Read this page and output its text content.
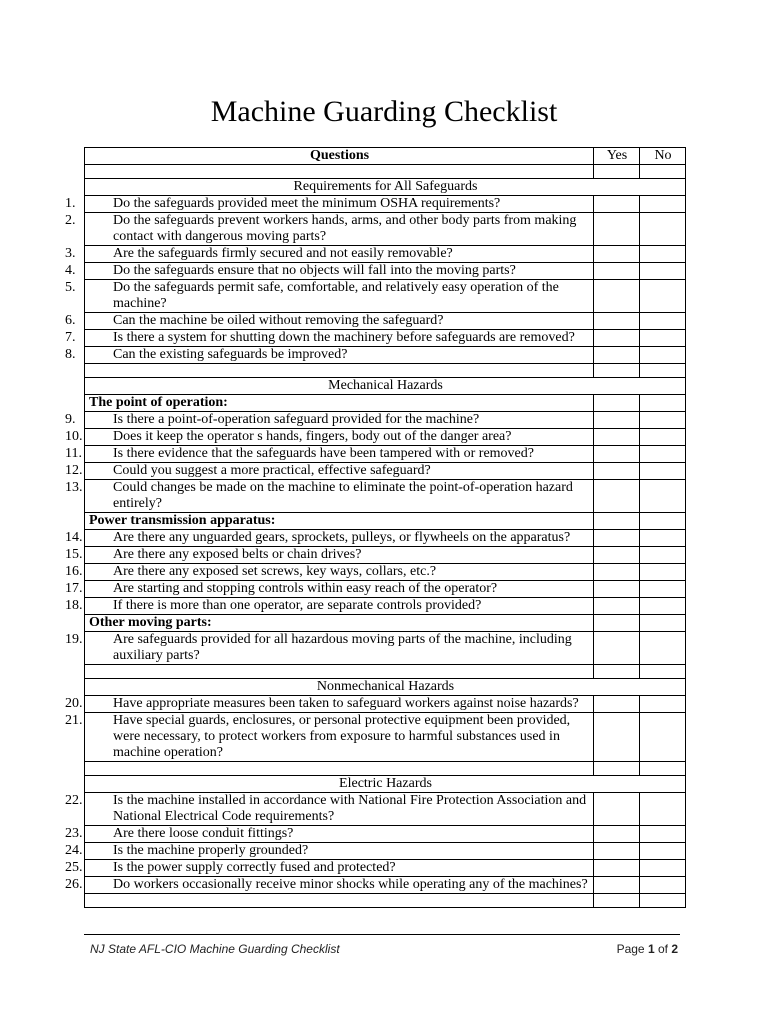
Machine Guarding Checklist
Questions	Yes	No

Requirements for All Safeguards		

1. Do the safeguards provided meet the minimum OSHA requirements?		

2. Do the safeguards prevent workers hands, arms, and other body parts from making contact with dangerous moving parts?		

3. Are the safeguards firmly secured and not easily removable?		

4. Do the safeguards ensure that no objects will fall into the moving parts?		

5. Do the safeguards permit safe, comfortable, and relatively easy operation of the machine?		

6. Can the machine be oiled without removing the safeguard?		

7. Is there a system for shutting down the machinery before safeguards are removed?		

8. Can the existing safeguards be improved?		

Mechanical Hazards		
The point of operation:		

9. Is there a point-of-operation safeguard provided for the machine?		

10. Does it keep the operator s hands, fingers, body out of the danger area?		

11. Is there evidence that the safeguards have been tampered with or removed?		

12. Could you suggest a more practical, effective safeguard?		

13. Could changes be made on the machine to eliminate the point-of-operation hazard entirely?		

Power transmission apparatus:		

14. Are there any unguarded gears, sprockets, pulleys, or flywheels on the apparatus?		

15. Are there any exposed belts or chain drives?		

16. Are there any exposed set screws, key ways, collars, etc.?		

17. Are starting and stopping controls within easy reach of the operator?		

18. If there is more than one operator, are separate controls provided?		

Other moving parts:		

19. Are safeguards provided for all hazardous moving parts of the machine, including auxiliary parts?		

Nonmechanical Hazards		

20. Have appropriate measures been taken to safeguard workers against noise hazards?		

21. Have special guards, enclosures, or personal protective equipment been provided, were necessary, to protect workers from exposure to harmful substances used in machine operation?		

Electric Hazards		

22. Is the machine installed in accordance with National Fire Protection Association and National Electrical Code requirements?		

23. Are there loose conduit fittings?		

24. Is the machine properly grounded?		

25. Is the power supply correctly fused and protected?		

26. Do workers occasionally receive minor shocks while operating any of the machines?		

NJ State AFL-CIO Machine Guarding Checklist	Page 1 of 2
